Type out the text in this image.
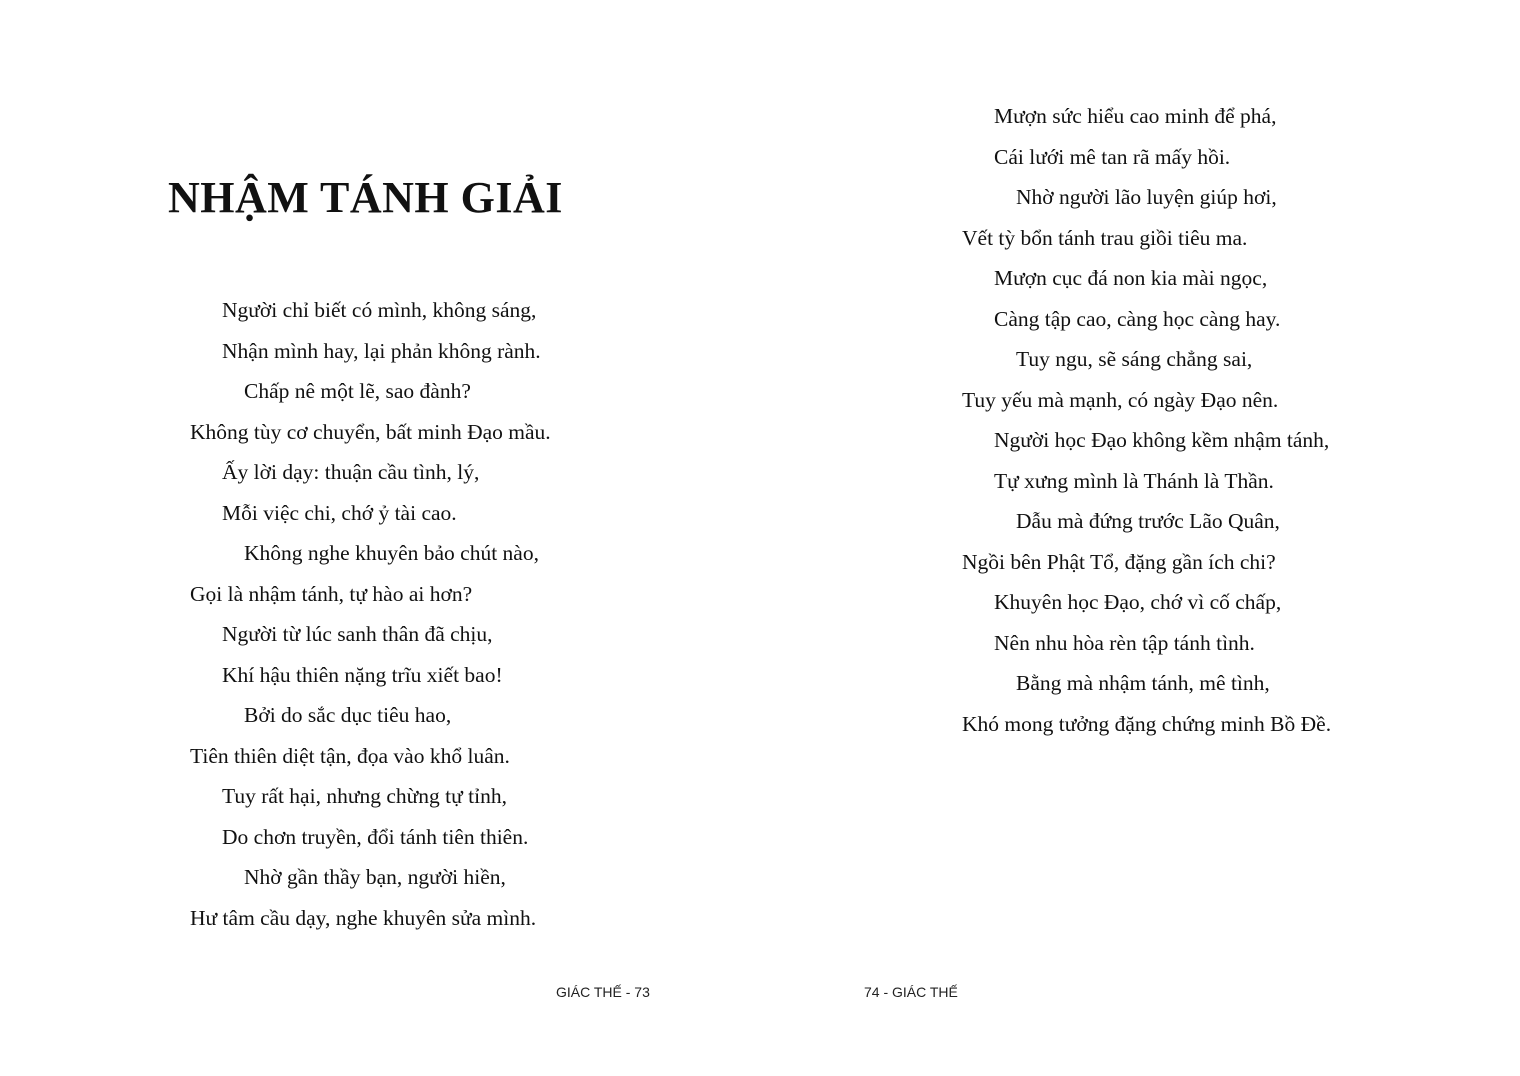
NHẬM TÁNH GIẢI
Người chỉ biết có mình, không sáng,
Nhận mình hay, lại phản không rành.
Chấp nê một lẽ, sao đành?
Không tùy cơ chuyển, bất minh Đạo mầu.
Ấy lời dạy: thuận cầu tình, lý,
Mỗi việc chi, chớ ỷ tài cao.
Không nghe khuyên bảo chút nào,
Gọi là nhậm tánh, tự hào ai hơn?
Người từ lúc sanh thân đã chịu,
Khí hậu thiên nặng trĩu xiết bao!
Bởi do sắc dục tiêu hao,
Tiên thiên diệt tận, đọa vào khổ luân.
Tuy rất hại, nhưng chừng tự tỉnh,
Do chơn truyền, đổi tánh tiên thiên.
Nhờ gần thầy bạn, người hiền,
Hư tâm cầu dạy, nghe khuyên sửa mình.
GIÁC THẾ - 73
Mượn sức hiểu cao minh để phá,
Cái lưới mê tan rã mấy hồi.
Nhờ người lão luyện giúp hơi,
Vết tỳ bổn tánh trau giồi tiêu ma.
Mượn cục đá non kia mài ngọc,
Càng tập cao, càng học càng hay.
Tuy ngu, sẽ sáng chẳng sai,
Tuy yếu mà mạnh, có ngày Đạo nên.
Người học Đạo không kềm nhậm tánh,
Tự xưng mình là Thánh là Thần.
Dẫu mà đứng trước Lão Quân,
Ngồi bên Phật Tổ, đặng gần ích chi?
Khuyên học Đạo, chớ vì cố chấp,
Nên nhu hòa rèn tập tánh tình.
Bằng mà nhậm tánh, mê tình,
Khó mong tưởng đặng chứng minh Bồ Đề.
74 - GIÁC THẾ
